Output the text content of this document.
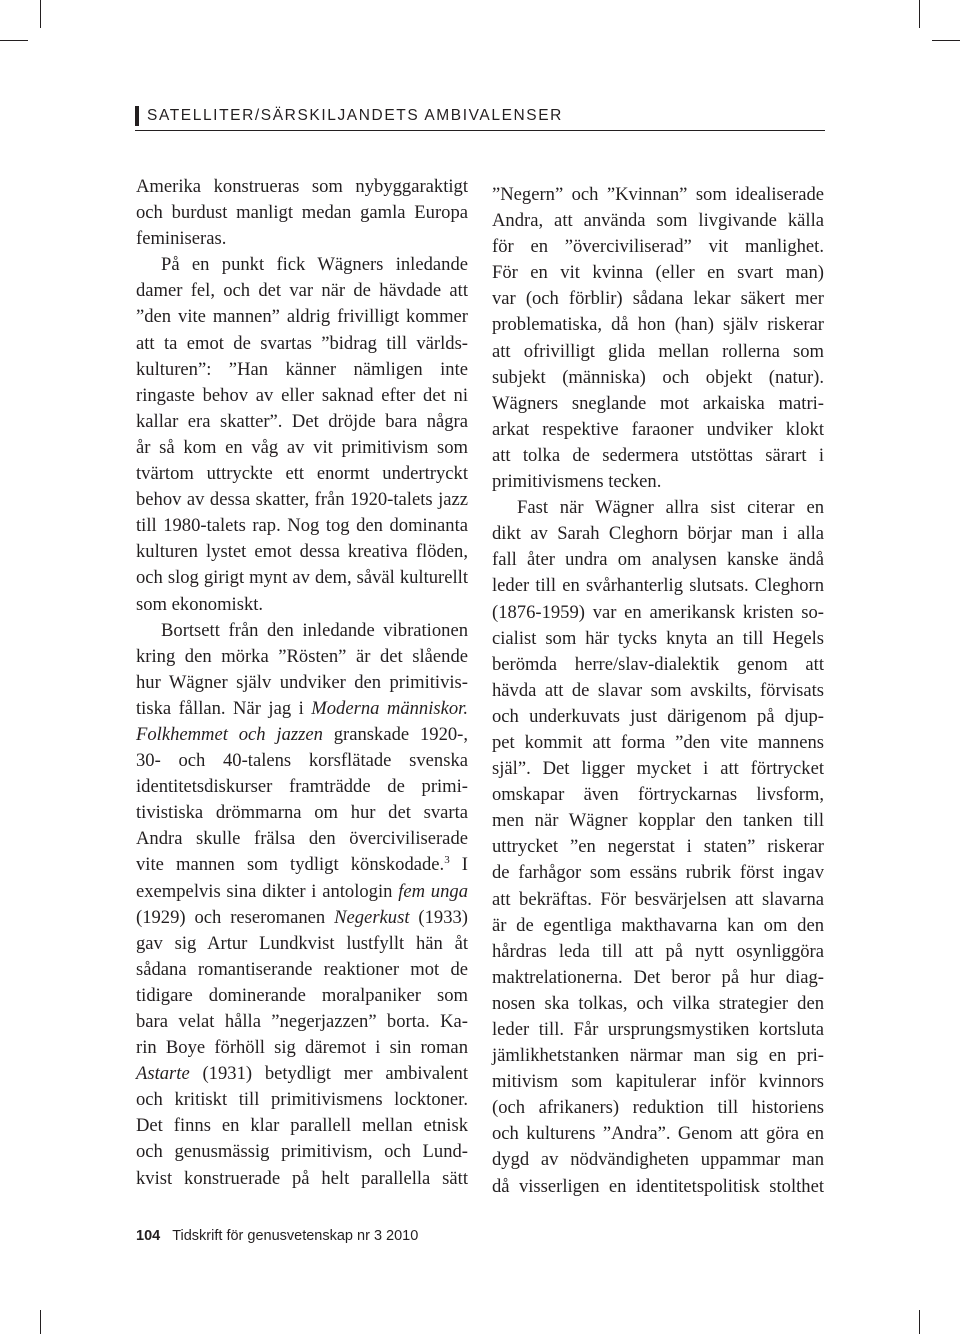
SATELLITER/SÄRSKILJANDETS AMBIVALENSER
Amerika konstrueras som nybyggaraktigt
och burdust manligt medan gamla Europa
feminiseras.
På en punkt fick Wägners inledande
damer fel, och det var när de hävdade att
”den vite mannen” aldrig frivilligt kommer
att ta emot de svartas ”bidrag till världs-
kulturen”: ”Han känner nämligen inte
ringaste behov av eller saknad efter det ni
kallar era skatter”. Det dröjde bara några
år så kom en våg av vit primitivism som
tvärtom uttryckte ett enormt undertryckt
behov av dessa skatter, från 1920-talets jazz
till 1980-talets rap. Nog tog den dominanta
kulturen lystet emot dessa kreativa flöden,
och slog girigt mynt av dem, såväl kulturellt
som ekonomiskt.
Bortsett från den inledande vibrationen
kring den mörka ”Rösten” är det slående
hur Wägner själv undviker den primitivis-
tiska fållan. När jag i Moderna människor.
Folkhemmet och jazzen granskade 1920-,
30- och 40-talens korsflätade svenska
identitetsdiskurser framträdde de primi-
tivistiska drömmarna om hur det svarta
Andra skulle frälsa den överciviliserade
vite mannen som tydligt könskodade.$^3$ I
exempelvis sina dikter i antologin fem unga
(1929) och reseromanen Negerkust (1933)
gav sig Artur Lundkvist lustfyllt hän åt
sådana romantiserande reaktioner mot de
tidigare dominerande moralpaniker som
bara velat hålla ”negerjazzen” borta. Ka-
rin Boye förhöll sig däremot i sin roman
Astarte (1931) betydligt mer ambivalent
och kritiskt till primitivismens locktoner.
Det finns en klar parallell mellan etnisk
och genusmässig primitivism, och Lund-
kvist konstruerade på helt parallella sätt
”Negern” och ”Kvinnan” som idealiserade
Andra, att använda som livgivande källa
för en ”överciviliserad” vit manlighet.
För en vit kvinna (eller en svart man)
var (och förblir) sådana lekar säkert mer
problematiska, då hon (han) själv riskerar
att ofrivilligt glida mellan rollerna som
subjekt (människa) och objekt (natur).
Wägners sneglande mot arkaiska matri-
arkat respektive faraoner undviker klokt
att tolka de sedermera utstöttas särart i
primitivismens tecken.
Fast när Wägner allra sist citerar en
dikt av Sarah Cleghorn börjar man i alla
fall åter undra om analysen kanske ändå
leder till en svårhanterlig slutsats. Cleghorn
(1876-1959) var en amerikansk kristen so-
cialist som här tycks knyta an till Hegels
berömda herre/slav-dialektik genom att
hävda att de slavar som avskilts, förvisats
och underkuvats just därigenom på djup-
pet kommit att forma ”den vite mannens
själ”. Det ligger mycket i att förtrycket
omskapar även förtryckarnas livsform,
men när Wägner kopplar den tanken till
uttrycket ”en negerstat i staten” riskerar
de farhågor som essäns rubrik först ingav
att bekräftas. För besvärjelsen att slavarna
är de egentliga makthavarna kan om den
hårdras leda till att på nytt osynliggöra
maktrelationerna. Det beror på hur diag-
nosen ska tolkas, och vilka strategier den
leder till. Får ursprungsmystiken kortsluta
jämlikhetstanken närmar man sig en pri-
mitivism som kapitulerar inför kvinnors
(och afrikaners) reduktion till historiens
och kulturens ”Andra”. Genom att göra en
dygd av nödvändigheten uppammar man
då visserligen en identitetspolitisk stolthet
104 Tidskrift för genusvetenskap nr 3 2010
